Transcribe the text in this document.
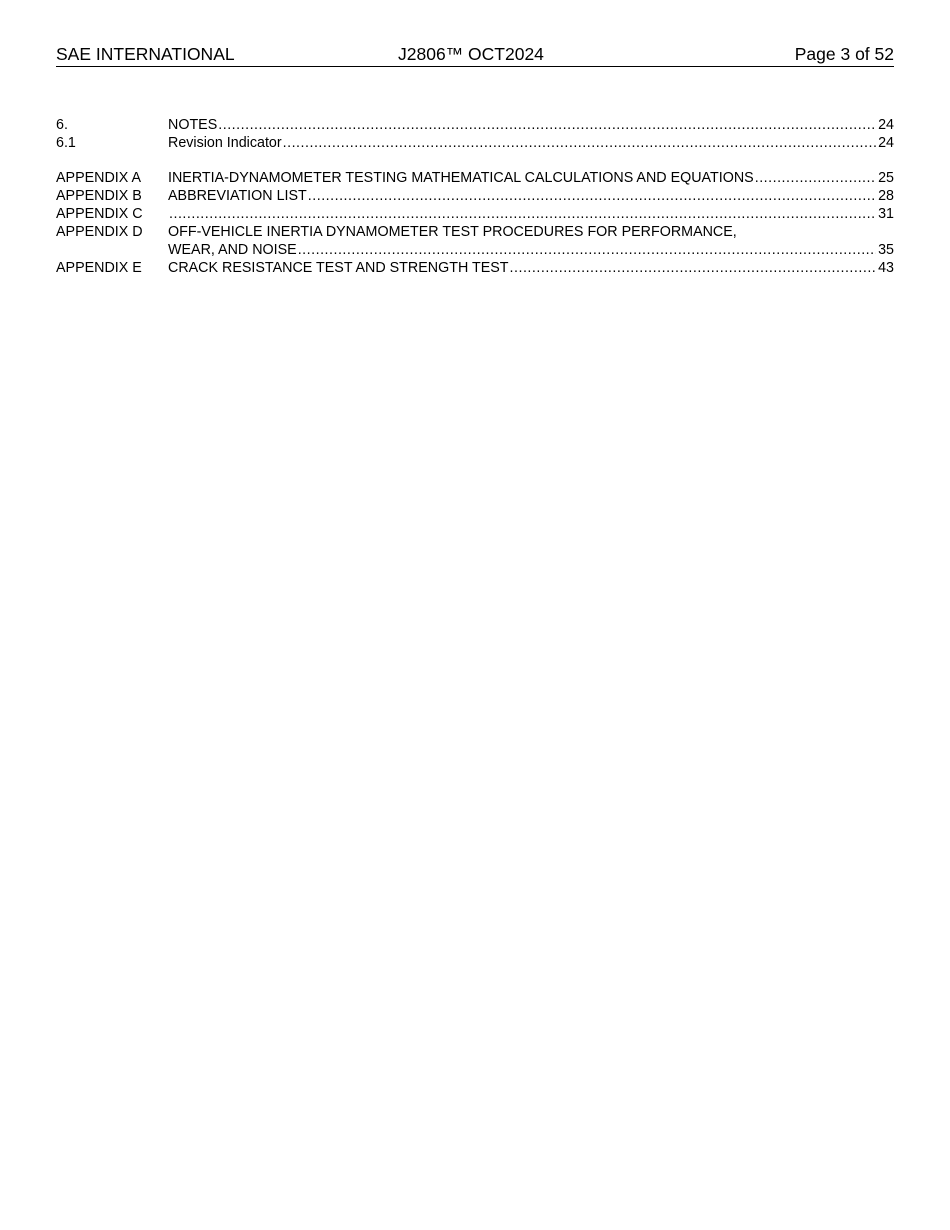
SAE INTERNATIONAL	J2806™ OCT2024	Page 3 of 52
6.	NOTES .....	24
6.1	Revision Indicator .....	24
APPENDIX A INERTIA-DYNAMOMETER TESTING MATHEMATICAL CALCULATIONS AND EQUATIONS .....	25
APPENDIX B ABBREVIATION LIST .....	28
APPENDIX C .....	31
APPENDIX D OFF-VEHICLE INERTIA DYNAMOMETER TEST PROCEDURES FOR PERFORMANCE,
WEAR, AND NOISE .....	35
APPENDIX E CRACK RESISTANCE TEST AND STRENGTH TEST .....	43
